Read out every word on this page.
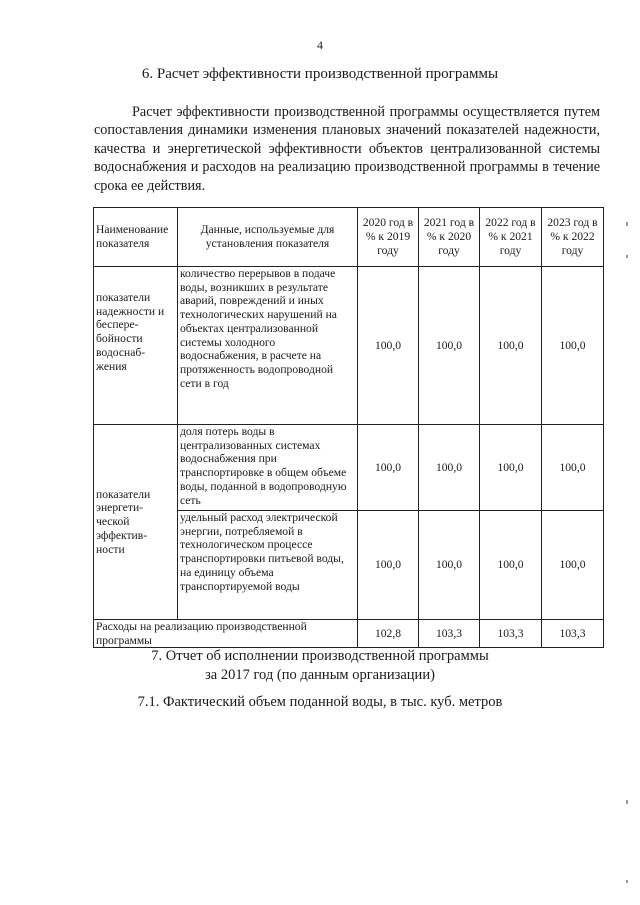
4
6. Расчет эффективности производственной программы
Расчет эффективности производственной программы осуществляется путем сопоставления динамики изменения плановых значений показателей надежности, качества и энергетической эффективности объектов централизованной системы водоснабжения и расходов на реализацию производственной программы в течение срока ее действия.
Наименование показателя	Данные, используемые для установления показателя	2020 год в % к 2019 году	2021 год в % к 2020 году	2022 год в % к 2021 году	2023 год в % к 2022 году
показатели надежности и беспере-бойности водоснаб-жения	количество перерывов в подаче воды, возникших в результате аварий, повреждений и иных технологических нарушений на объектах централизованной системы холодного водоснабжения, в расчете на протяженность водопроводной сети в год	100,0	100,0	100,0	100,0
показатели энергети-ческой эффектив-ности	доля потерь воды в централизованных системах водоснабжения при транспортировке в общем объеме воды, поданной в водопроводную сеть	100,0	100,0	100,0	100,0
	удельный расход электрической энергии, потребляемой в технологическом процессе транспортировки питьевой воды, на единицу объема транспортируемой воды	100,0	100,0	100,0	100,0
Расходы на реализацию производственной программы		102,8	103,3	103,3	103,3
7. Отчет об исполнении производственной программы
за 2017 год (по данным организации)
7.1. Фактический объем поданной воды, в тыс. куб. метров
